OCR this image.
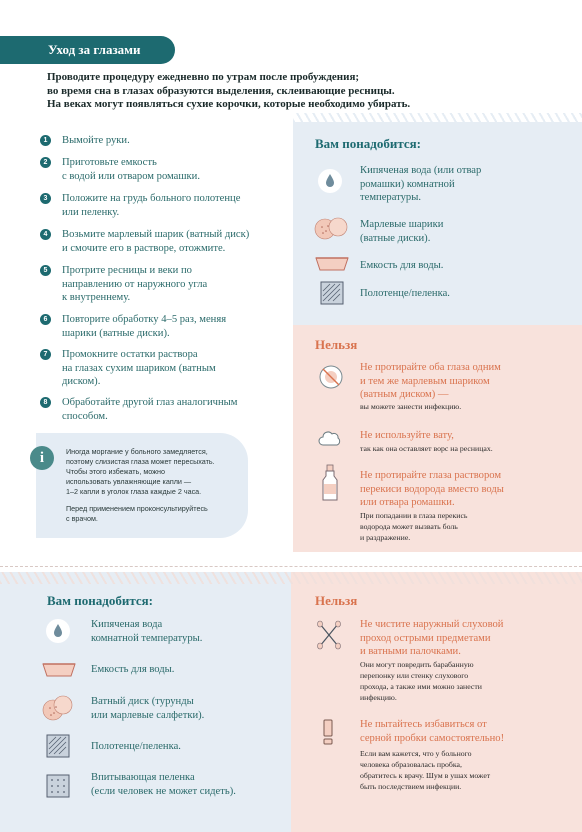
Уход за глазами
Проводите процедуру ежедневно по утрам после пробуждения;
во время сна в глазах образуются выделения, склеивающие ресницы.
На веках могут появляться сухие корочки, которые необходимо убирать.
1	Вымойте руки.
2	Приготовьте емкость
с водой или отваром ромашки.
3	Положите на грудь больного полотенце
или пеленку.
4	Возьмите марлевый шарик (ватный диск)
и смочите его в растворе, отожмите.
5	Протрите ресницы и веки по
направлению от наружного угла
к внутреннему.
6	Повторите обработку 4–5 раз, меняя
шарики (ватные диски).
7	Промокните остатки раствора
на глазах сухим шариком (ватным
диском).
8	Обработайте другой глаз аналогичным
способом.
i	Иногда моргание у больного замедляется,
поэтому слизистая глаза может пересыхать.
Чтобы этого избежать, можно
использовать увлажняющие капли —
1–2 капли в уголок глаза каждые 2 часа.

Перед применением проконсультируйтесь
с врачом.

Вам понадобится:
Кипяченая вода (или отвар
ромашки) комнатной
температуры.
Марлевые шарики
(ватные диски).
Емкость для воды.
Полотенце/пеленка.
Нельзя
Не протирайте оба глаза одним
и тем же марлевым шариком
(ватным диском) —
вы можете занести инфекцию.
Не используйте вату,
так как она оставляет ворс на ресницах.
Не протирайте глаза раствором
перекиси водорода вместо воды
или отвара ромашки.
При попадании в глаза перекись
водорода может вызвать боль
и раздражение.
Вам понадобится:
Кипяченая вода
комнатной температуры.
Емкость для воды.
Ватный диск (турунды
или марлевые салфетки).
Полотенце/пеленка.
Впитывающая пеленка
(если человек не может сидеть).
Нельзя
Не чистите наружный слуховой
проход острыми предметами
и ватными палочками.
Они могут повредить барабанную
перепонку или стенку слухового
прохода, а также ими можно занести
инфекцию.
Не пытайтесь избавиться от
серной пробки самостоятельно!
Если вам кажется, что у больного
человека образовалась пробка,
обратитесь к врачу. Шум в ушах может
быть последствием инфекции.
